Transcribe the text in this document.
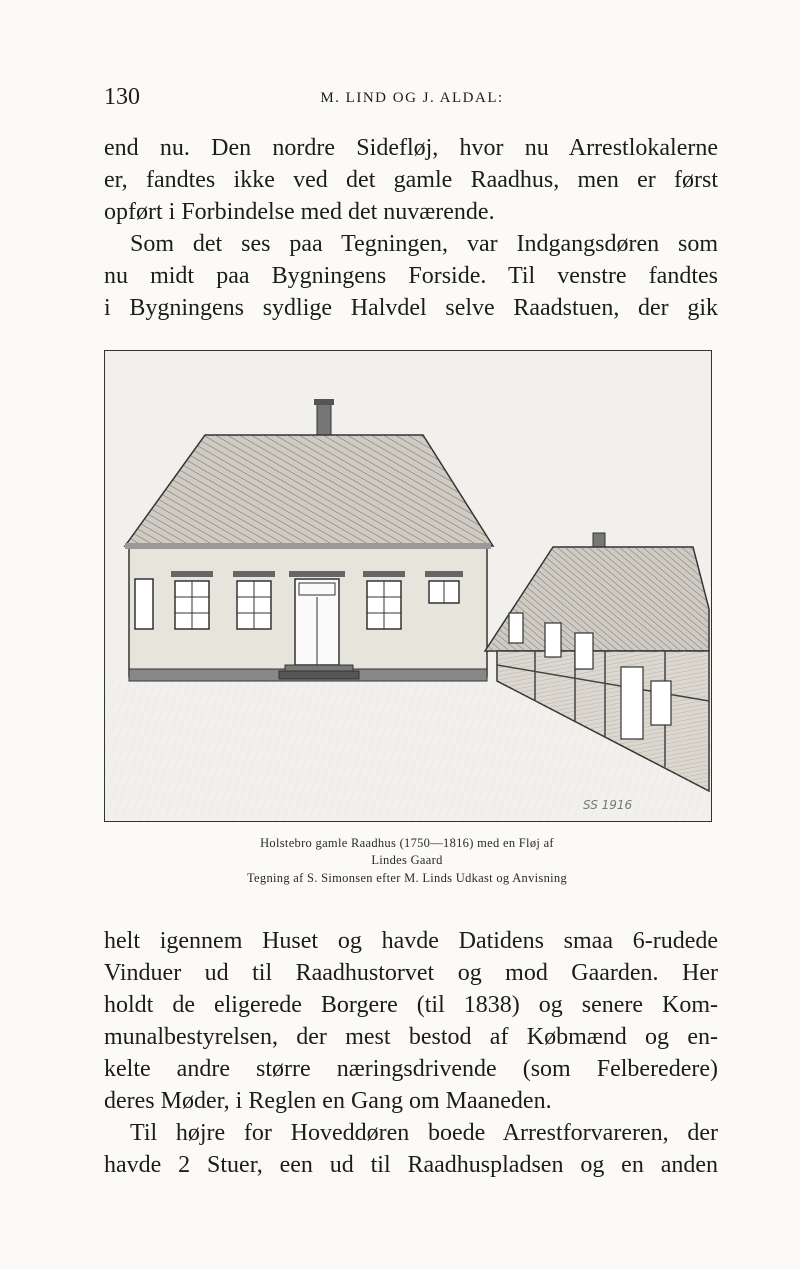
130	M. LIND OG J. ALDAL:
end nu. Den nordre Sidefløj, hvor nu Arrestlokalerne
er, fandtes ikke ved det gamle Raadhus, men er først
opført i Forbindelse med det nuværende.
Som det ses paa Tegningen, var Indgangsdøren som
nu midt paa Bygningens Forside. Til venstre fandtes
i Bygningens sydlige Halvdel selve Raadstuen, der gik
SS 1916
Holstebro gamle Raadhus (1750—1816) med en Fløj af
Lindes Gaard
Tegning af S. Simonsen efter M. Linds Udkast og Anvisning
helt igennem Huset og havde Datidens smaa 6-rudede
Vinduer ud til Raadhustorvet og mod Gaarden. Her
holdt de eligerede Borgere (til 1838) og senere Kom-
munalbestyrelsen, der mest bestod af Købmænd og en-
kelte andre større næringsdrivende (som Felberedere)
deres Møder, i Reglen en Gang om Maaneden.
Til højre for Hoveddøren boede Arrestforvareren, der
havde 2 Stuer, een ud til Raadhuspladsen og en anden
